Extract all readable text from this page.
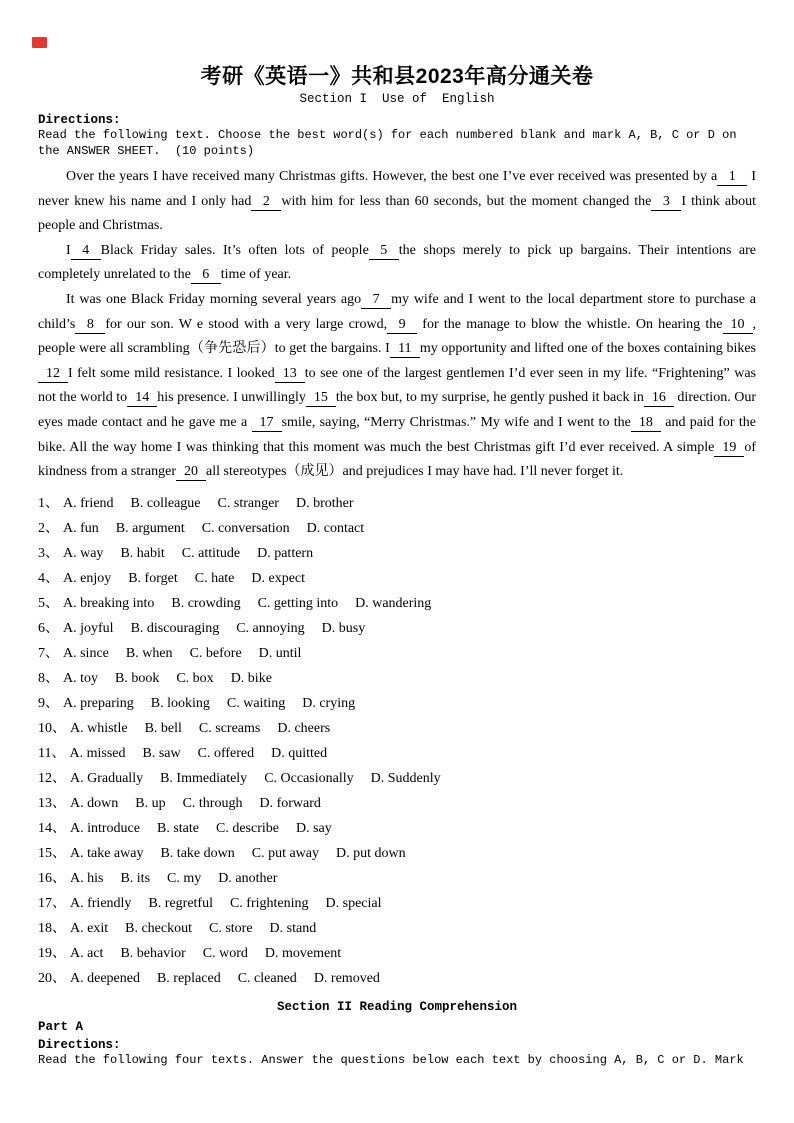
考研《英语一》共和县2023年高分通关卷
Section I  Use of  English
Directions:
Read the following text. Choose the best word(s) for each numbered blank and mark A, B, C or D on the ANSWER SHEET.  (10 points)

Over the years I have received many Christmas gifts. However, the best one I’ve ever received was presented by a 1 I never knew his name and I only had 2 with him for less than 60 seconds, but the moment changed the 3 I think about people and Christmas.

I 4 Black Friday sales. It’s often lots of people 5 the shops merely to pick up bargains. Their intentions are completely unrelated to the 6 time of year.

It was one Black Friday morning several years ago 7 my wife and I went to the local department store to purchase a child’s 8 for our son. W e stood with a very large crowd, 9 for the manage to blow the whistle. On hearing the 10 , people were all scrambling（争先恐后）to get the bargains. I 11 my opportunity and lifted one of the boxes containing bikes12 I felt some mild resistance. I looked 13 to see one of the largest gentlemen I’d ever seen in my life. “Frightening” was not the world to 14 his presence. I unwillingly 15 the box but, to my surprise, he gently pushed it back in 16 direction. Our eyes made contact and he gave me a 17 smile, saying, “Merry Christmas.” My wife and I went to the 18 and paid for the bike. All the way home I was thinking that this moment was much the best Christmas gift I’d ever received. A simple 19 of kindness from a stranger 20 all stereotypes（成见）and prejudices I may have had. I’ll never forget it.

1、 A. friend B. colleague C. stranger D. brother
2、 A. fun B. argument C. conversation D. contact
3、 A. way B. habit C. attitude D. pattern
4、 A. enjoy B. forget C. hate D. expect
5、 A. breaking into B. crowding C. getting into D. wandering
6、 A. joyful B. discouraging C. annoying D. busy
7、 A. since B. when C. before D. until
8、 A. toy B. book C. box D. bike
9、 A. preparing B. looking C. waiting D. crying
10、 A. whistle B. bell C. screams D. cheers
11、 A. missed B. saw C. offered D. quitted
12、 A. Gradually B. Immediately C. Occasionally D. Suddenly
13、 A. down B. up C. through D. forward
14、 A. introduce B. state C. describe D. say
15、 A. take away B. take down C. put away D. put down
16、 A. his B. its C. my D. another
17、 A. friendly B. regretful C. frightening D. special
18、 A. exit B. checkout C. store D. stand
19、 A. act B. behavior C. word D. movement
20、 A. deepened B. replaced C. cleaned D. removed
Section II Reading Comprehension
Part A
Directions:
Read the following four texts. Answer the questions below each text by choosing A, B, C or D. Mark
